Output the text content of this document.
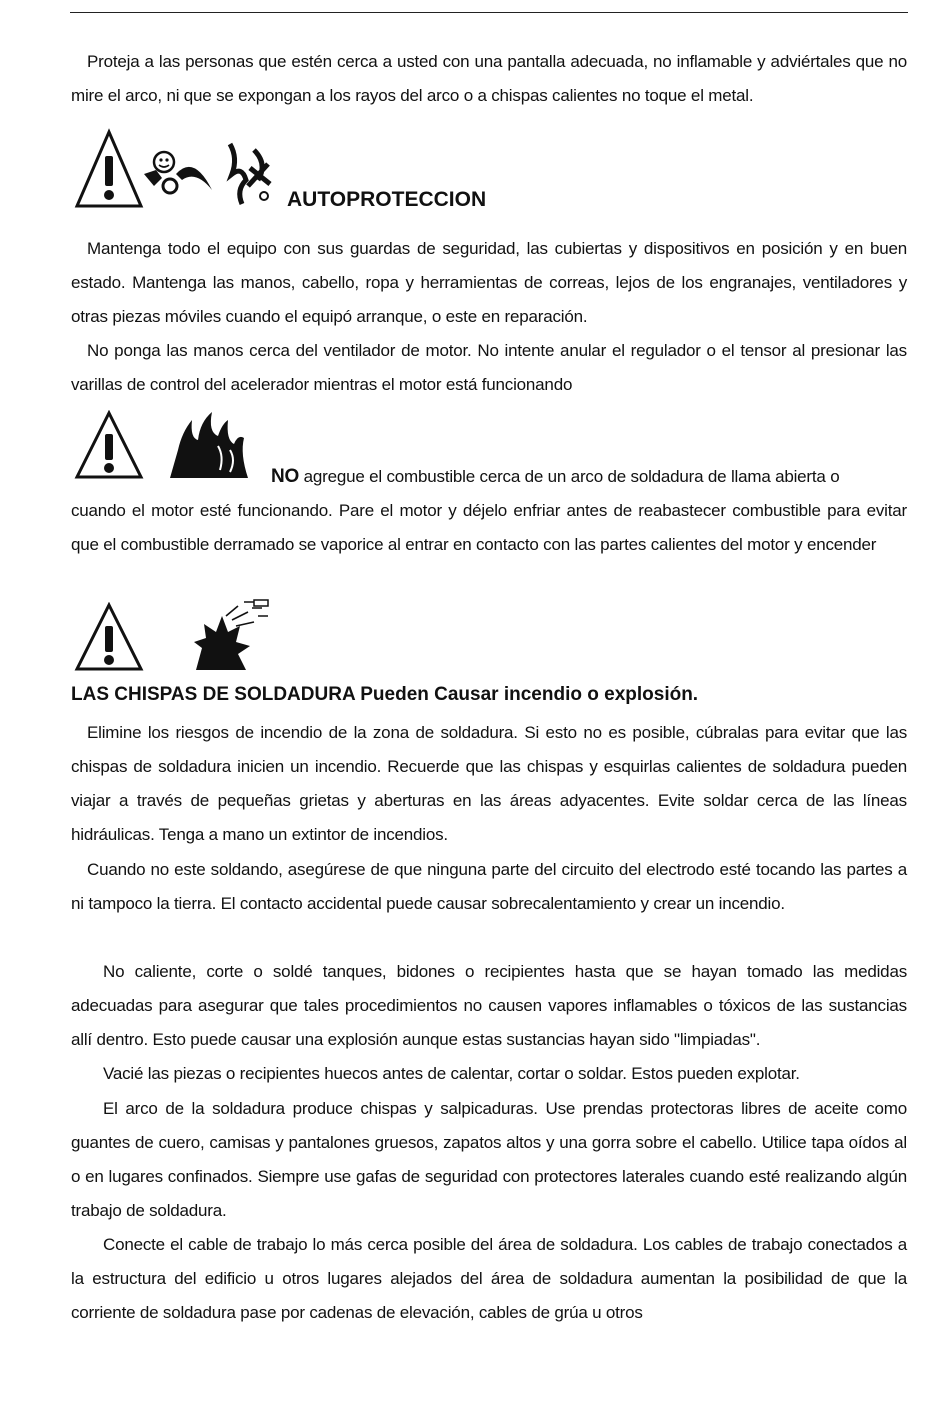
Proteja a las personas que estén cerca a usted con una pantalla adecuada, no inflamable y adviértales que no mire el arco, ni que se expongan a los rayos del arco o a chispas calientes no toque el metal.

AUTOPROTECCION

Mantenga todo el equipo con sus guardas de seguridad, las cubiertas y dispositivos en posición y en buen estado. Mantenga las manos, cabello, ropa y herramientas de correas, lejos de los engranajes, ventiladores y otras piezas móviles cuando el equipó arranque, o este en reparación.

No ponga las manos cerca del ventilador de motor. No intente anular el regulador o el tensor al presionar las varillas de control del acelerador mientras el motor está funcionando

NO agregue el combustible cerca de un arco de soldadura de llama abierta o
cuando el motor esté funcionando. Pare el motor y déjelo enfriar antes de reabastecer combustible para evitar que el combustible derramado se vaporice al entrar en contacto con las partes calientes del motor y encender
LAS CHISPAS DE SOLDADURA Pueden Causar incendio o explosión.

Elimine los riesgos de incendio de la zona de soldadura. Si esto no es posible, cúbralas para evitar que las chispas de soldadura inicien un incendio. Recuerde que las chispas y esquirlas calientes de soldadura pueden viajar a través de pequeñas grietas y aberturas en las áreas adyacentes. Evite soldar cerca de las líneas hidráulicas. Tenga a mano un extintor de incendios.

Cuando no este soldando, asegúrese de que ninguna parte del circuito del electrodo esté tocando las partes a ni tampoco la tierra. El contacto accidental puede causar sobrecalentamiento y crear un incendio.

No caliente, corte o soldé tanques, bidones o recipientes hasta que se hayan tomado las medidas adecuadas para asegurar que tales procedimientos no causen vapores inflamables o tóxicos de las sustancias allí dentro. Esto puede causar una explosión aunque estas sustancias hayan sido "limpiadas".

Vacié las piezas o recipientes huecos antes de calentar, cortar o soldar. Estos pueden explotar.

El arco de la soldadura produce chispas y salpicaduras. Use prendas protectoras libres de aceite como guantes de cuero, camisas y pantalones gruesos, zapatos altos y una gorra sobre el cabello. Utilice tapa oídos al o en lugares confinados. Siempre use gafas de seguridad con protectores laterales cuando esté realizando algún trabajo de soldadura.

Conecte el cable de trabajo lo más cerca posible del área de soldadura. Los cables de trabajo conectados a la estructura del edificio u otros lugares alejados del área de soldadura aumentan la posibilidad de que la corriente de soldadura pase por cadenas de elevación, cables de grúa u otros
